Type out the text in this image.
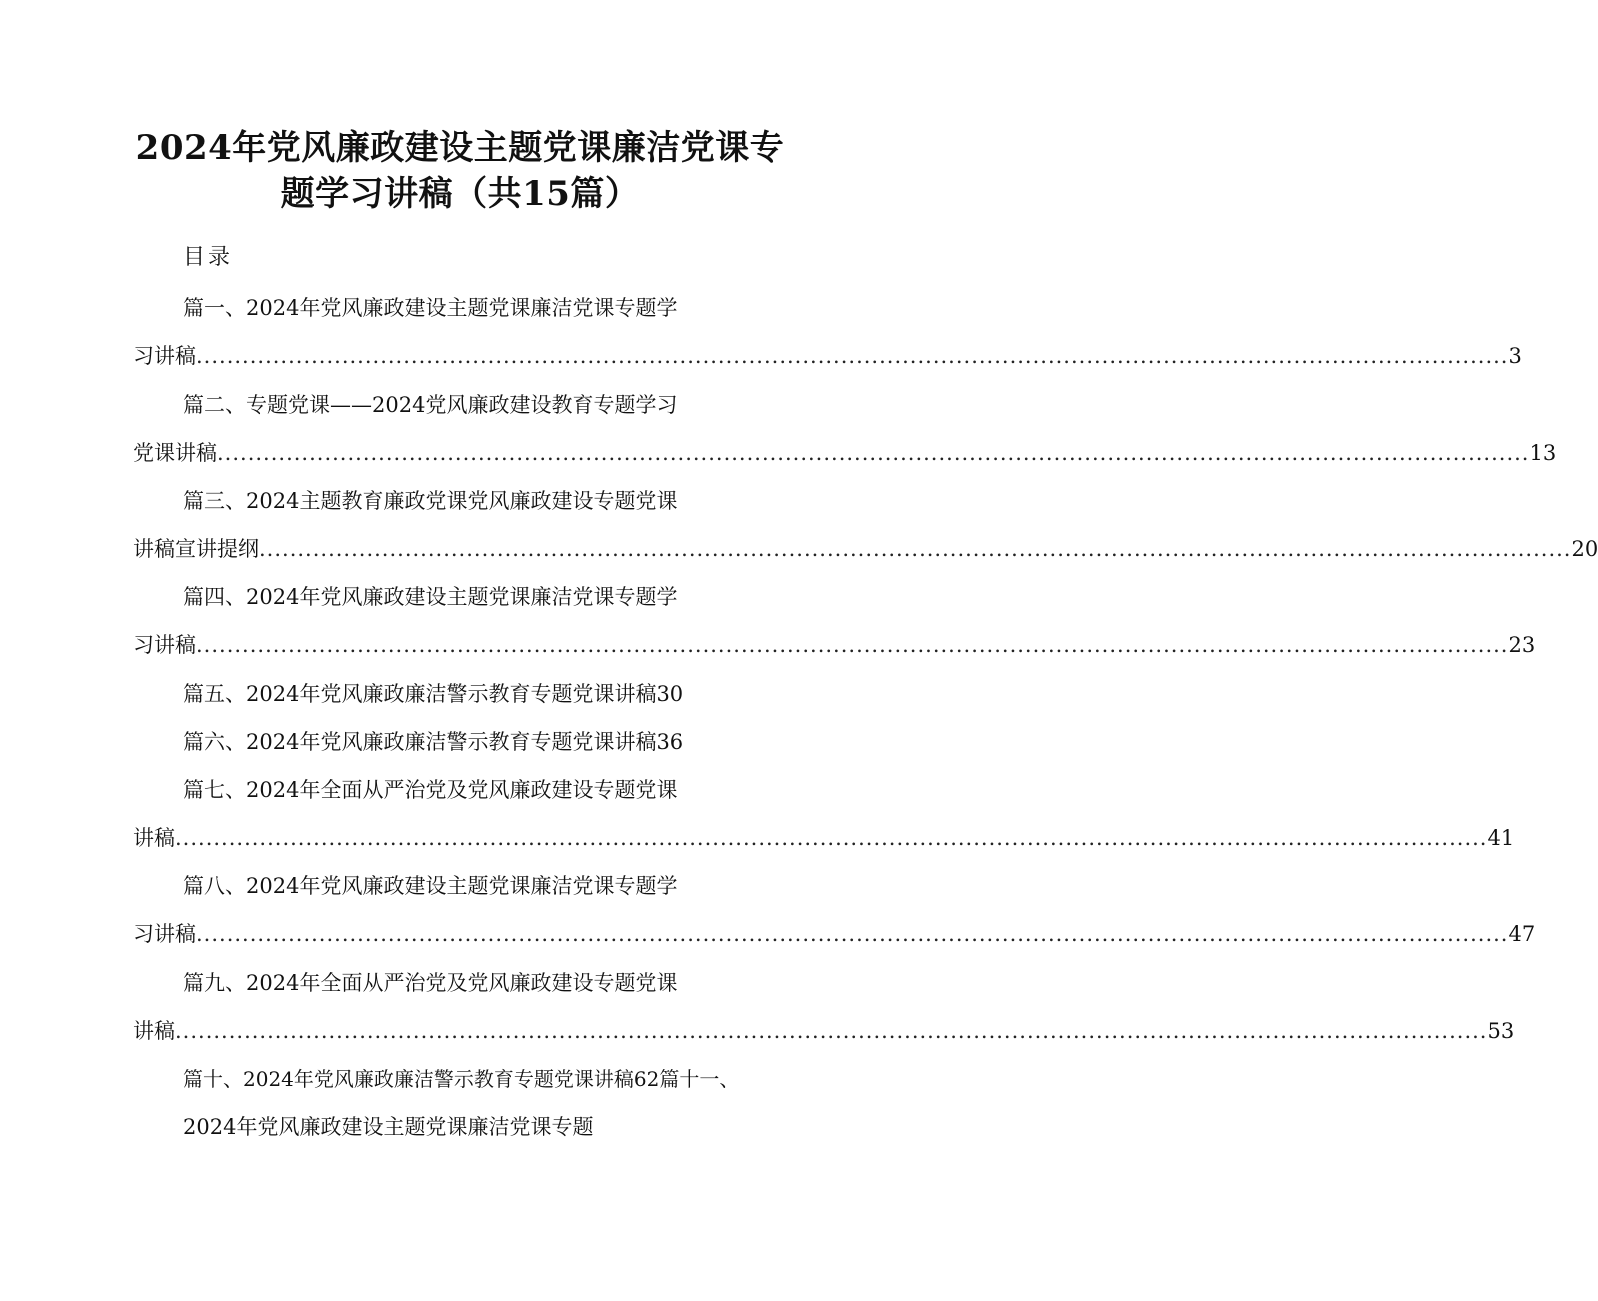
2024年党风廉政建设主题党课廉洁党课专
题学习讲稿（共15篇）
目录
篇一、2024年党风廉政建设主题党课廉洁党课专题学
习讲稿 ........................................................................................................................................................................... 3
篇二、专题党课——2024党风廉政建设教育专题学习
党课讲稿 ........................................................................................................................................................................... 13
篇三、2024主题教育廉政党课党风廉政建设专题党课
讲稿宣讲提纲 ........................................................................................................................................................................... 20
篇四、2024年党风廉政建设主题党课廉洁党课专题学
习讲稿 ........................................................................................................................................................................... 23
篇五、2024年党风廉政廉洁警示教育专题党课讲稿30
篇六、2024年党风廉政廉洁警示教育专题党课讲稿36
篇七、2024年全面从严治党及党风廉政建设专题党课
讲稿 ........................................................................................................................................................................... 41
篇八、2024年党风廉政建设主题党课廉洁党课专题学
习讲稿 ........................................................................................................................................................................... 47
篇九、2024年全面从严治党及党风廉政建设专题党课
讲稿 ........................................................................................................................................................................... 53
篇十、2024年党风廉政廉洁警示教育专题党课讲稿62篇十一、
2024年党风廉政建设主题党课廉洁党课专题
